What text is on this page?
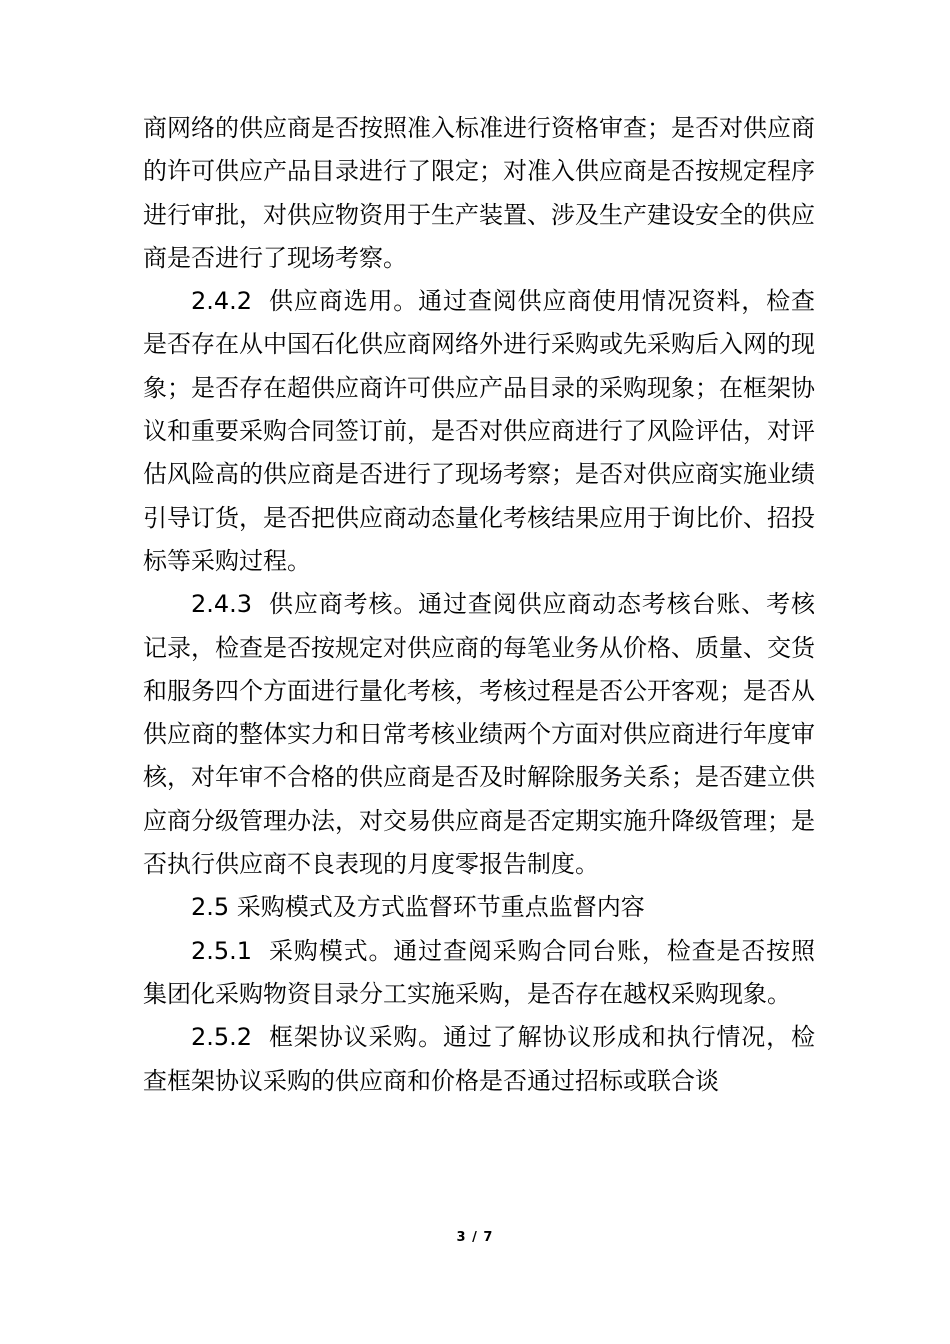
商网络的供应商是否按照准入标准进行资格审查；是否对供应商的许可供应产品目录进行了限定；对准入供应商是否按规定程序进行审批，对供应物资用于生产装置、涉及生产建设安全的供应商是否进行了现场考察。

2.4.2  供应商选用。通过查阅供应商使用情况资料，检查是否存在从中国石化供应商网络外进行采购或先采购后入网的现象；是否存在超供应商许可供应产品目录的采购现象；在框架协议和重要采购合同签订前，是否对供应商进行了风险评估，对评估风险高的供应商是否进行了现场考察；是否对供应商实施业绩引导订货，是否把供应商动态量化考核结果应用于询比价、招投标等采购过程。

2.4.3  供应商考核。通过查阅供应商动态考核台账、考核记录，检查是否按规定对供应商的每笔业务从价格、质量、交货和服务四个方面进行量化考核，考核过程是否公开客观；是否从供应商的整体实力和日常考核业绩两个方面对供应商进行年度审核，对年审不合格的供应商是否及时解除服务关系；是否建立供应商分级管理办法，对交易供应商是否定期实施升降级管理；是否执行供应商不良表现的月度零报告制度。

2.5 采购模式及方式监督环节重点监督内容

2.5.1  采购模式。通过查阅采购合同台账，检查是否按照集团化采购物资目录分工实施采购，是否存在越权采购现象。

2.5.2  框架协议采购。通过了解协议形成和执行情况，检查框架协议采购的供应商和价格是否通过招标或联合谈

3 / 7
